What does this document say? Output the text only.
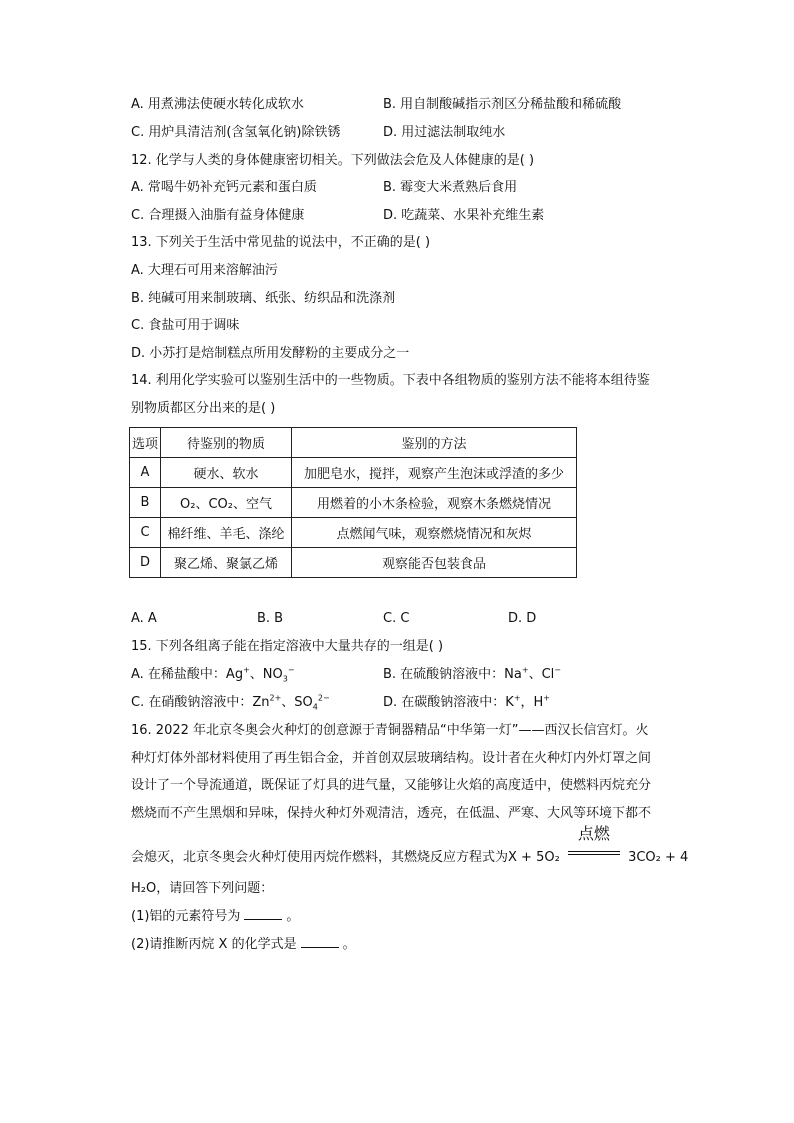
A. 用煮沸法使硬水转化成软水	B. 用自制酸碱指示剂区分稀盐酸和稀硫酸
C. 用炉具清洁剂(含氢氧化钠)除铁锈	D. 用过滤法制取纯水
12. 化学与人类的身体健康密切相关。下列做法会危及人体健康的是( )
A. 常喝牛奶补充钙元素和蛋白质	B. 霉变大米煮熟后食用
C. 合理摄入油脂有益身体健康	D. 吃蔬菜、水果补充维生素
13. 下列关于生活中常见盐的说法中，不正确的是( )
A. 大理石可用来溶解油污
B. 纯碱可用来制玻璃、纸张、纺织品和洗涤剂
C. 食盐可用于调味
D. 小苏打是焙制糕点所用发酵粉的主要成分之一
14. 利用化学实验可以鉴别生活中的一些物质。下表中各组物质的鉴别方法不能将本组待鉴
别物质都区分出来的是( )
选项	待鉴别的物质	鉴别的方法
A	硬水、软水	加肥皂水，搅拌，观察产生泡沫或浮渣的多少
B	O₂、CO₂、空气	用燃着的小木条检验，观察木条燃烧情况
C	棉纤维、羊毛、涤纶	点燃闻气味，观察燃烧情况和灰烬
D	聚乙烯、聚氯乙烯	观察能否包装食品
A. A	B. B	C. C	D. D
15. 下列各组离子能在指定溶液中大量共存的一组是( )
A. 在稀盐酸中：Ag+、$NO_3^-$	B. 在硫酸钠溶液中：Na+、Cl−
C. 在硝酸钠溶液中：$Zn^{2+}$、$SO_4^{2-}$	D. 在碳酸钠溶液中：K+，H+
16. 2022 年北京冬奥会火种灯的创意源于青铜器精品“中华第一灯”——西汉长信宫灯。火
种灯灯体外部材料使用了再生铝合金，并首创双层玻璃结构。设计者在火种灯内外灯罩之间
设计了一个导流通道，既保证了灯具的进气量，又能够让火焰的高度适中，使燃料丙烷充分
燃烧而不产生黑烟和异味，保持火种灯外观清洁，透亮，在低温、严寒、大风等环境下都不
会熄灭，北京冬奥会火种灯使用丙烷作燃料，其燃烧反应方程式为X + 5O₂
点燃
3CO₂ + 4
H₂O，请回答下列问题：
(1)铝的元素符号为	。
(2)请推断丙烷 X 的化学式是	。
